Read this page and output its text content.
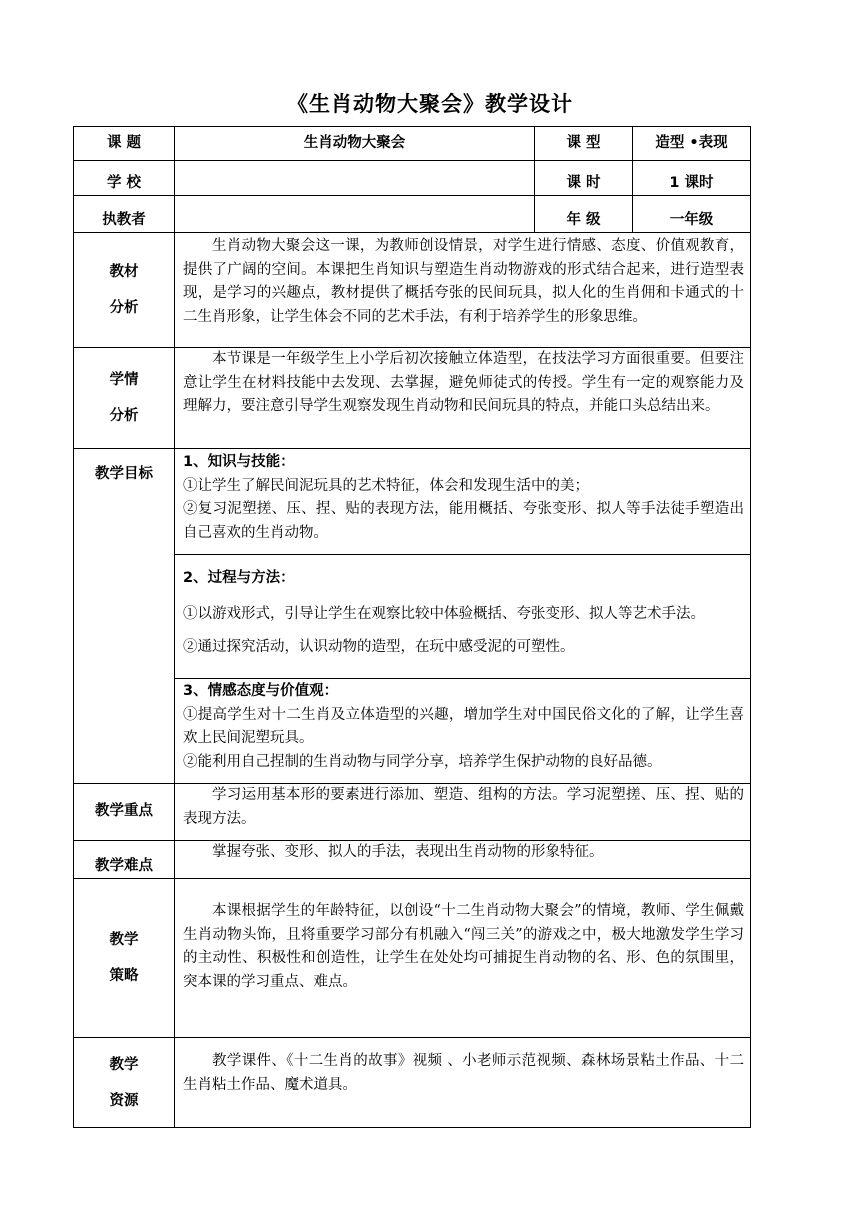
《生肖动物大聚会》教学设计
课 题	生肖动物大聚会	课 型	造型 •表现
学 校		课 时	1 课时
执教者		年 级	一年级

教材

分析	生肖动物大聚会这一课，为教师创设情景，对学生进行情感、态度、价值观教育，提供了广阔的空间。本课把生肖知识与塑造生肖动物游戏的形式结合起来，进行造型表现，是学习的兴趣点，教材提供了概括夸张的民间玩具，拟人化的生肖佣和卡通式的十二生肖形象，让学生体会不同的艺术手法，有利于培养学生的形象思维。		

学情

分析	本节课是一年级学生上小学后初次接触立体造型，在技法学习方面很重要。但要注意让学生在材料技能中去发现、去掌握，避免师徒式的传授。学生有一定的观察能力及理解力，要注意引导学生观察发现生肖动物和民间玩具的特点，并能口头总结出来。		
教学目标	1、知识与技能：

①让学生了解民间泥玩具的艺术特征，体会和发现生活中的美；

②复习泥塑搓、压、捏、贴的表现方法，能用概括、夸张变形、拟人等手法徒手塑造出自己喜欢的生肖动物。		

	2、过程与方法：

①以游戏形式，引导让学生在观察比较中体验概括、夸张变形、拟人等艺术手法。

②通过探究活动，认识动物的造型，在玩中感受泥的可塑性。		

	3、情感态度与价值观：

①提高学生对十二生肖及立体造型的兴趣，增加学生对中国民俗文化的了解，让学生喜欢上民间泥塑玩具。

②能利用自己捏制的生肖动物与同学分享，培养学生保护动物的良好品德。		

教学重点	学习运用基本形的要素进行添加、塑造、组构的方法。学习泥塑搓、压、捏、贴的表现方法。		
教学难点	掌握夸张、变形、拟人的手法，表现出生肖动物的形象特征。		

教学

策略	本课根据学生的年龄特征，以创设“十二生肖动物大聚会”的情境，教师、学生佩戴生肖动物头饰，且将重要学习部分有机融入“闯三关”的游戏之中，极大地激发学生学习的主动性、积极性和创造性，让学生在处处均可捕捉生肖动物的名、形、色的氛围里，突本课的学习重点、难点。		

教学

资源	教学课件、《十二生肖的故事》视频 、小老师示范视频、森林场景粘土作品、十二生肖粘土作品、魔术道具。		
